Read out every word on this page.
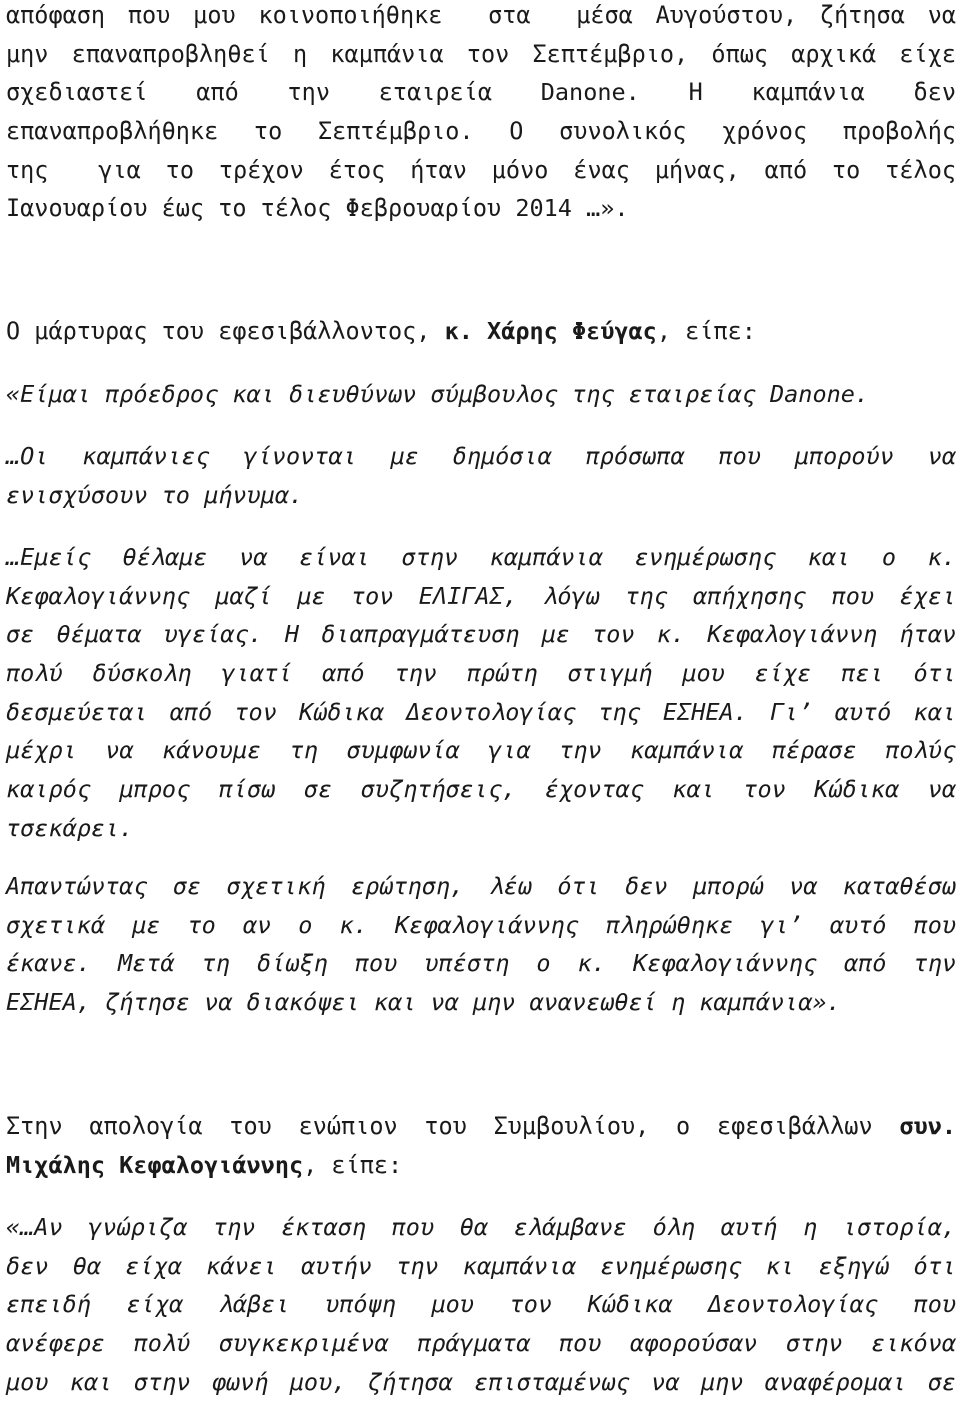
απόφαση που μου κοινοποιήθηκε  στα  μέσα Αυγούστου, ζήτησα να
μην επαναπροβληθεί η καμπάνια τον Σεπτέμβριο, όπως αρχικά είχε
σχεδιαστεί από την εταιρεία Danone. Η καμπάνια δεν
επαναπροβλήθηκε το Σεπτέμβριο. Ο συνολικός χρόνος προβολής
της  για το τρέχον έτος ήταν μόνο ένας μήνας, από το τέλος
Ιανουαρίου έως το τέλος Φεβρουαρίου 2014 …».
Ο μάρτυρας του εφεσιβάλλοντος, κ. Χάρης Φεύγας, είπε:
«Είμαι πρόεδρος και διευθύνων σύμβουλος της εταιρείας Danone.
…Οι καμπάνιες γίνονται με δημόσια πρόσωπα που μπορούν να
ενισχύσουν το μήνυμα.
…Εμείς θέλαμε να είναι στην καμπάνια ενημέρωσης και ο κ.
Κεφαλογιάννης μαζί με τον ΕΛΙΓΑΣ, λόγω της απήχησης που έχει
σε θέματα υγείας. Η διαπραγμάτευση με τον κ. Κεφαλογιάννη ήταν
πολύ δύσκολη γιατί από την πρώτη στιγμή μου είχε πει ότι
δεσμεύεται από τον Κώδικα Δεοντολογίας της ΕΣΗΕΑ. Γι’ αυτό και
μέχρι να κάνουμε τη συμφωνία για την καμπάνια πέρασε πολύς
καιρός μπρος πίσω σε συζητήσεις, έχοντας και τον Κώδικα να
τσεκάρει.
Απαντώντας σε σχετική ερώτηση, λέω ότι δεν μπορώ να καταθέσω
σχετικά με το αν ο κ. Κεφαλογιάννης πληρώθηκε γι’ αυτό που
έκανε. Μετά τη δίωξη που υπέστη ο κ. Κεφαλογιάννης από την
ΕΣΗΕΑ, ζήτησε να διακόψει και να μην ανανεωθεί η καμπάνια».
Στην απολογία του ενώπιον του Συμβουλίου, ο εφεσιβάλλων συν.
Μιχάλης Κεφαλογιάννης, είπε:
«…Αν γνώριζα την έκταση που θα ελάμβανε όλη αυτή η ιστορία,
δεν θα είχα κάνει αυτήν την καμπάνια ενημέρωσης κι εξηγώ ότι
επειδή είχα λάβει υπόψη μου τον Κώδικα Δεοντολογίας που
ανέφερε πολύ συγκεκριμένα πράγματα που αφορούσαν στην εικόνα
μου και στην φωνή μου, ζήτησα επισταμένως να μην αναφέρομαι σε
